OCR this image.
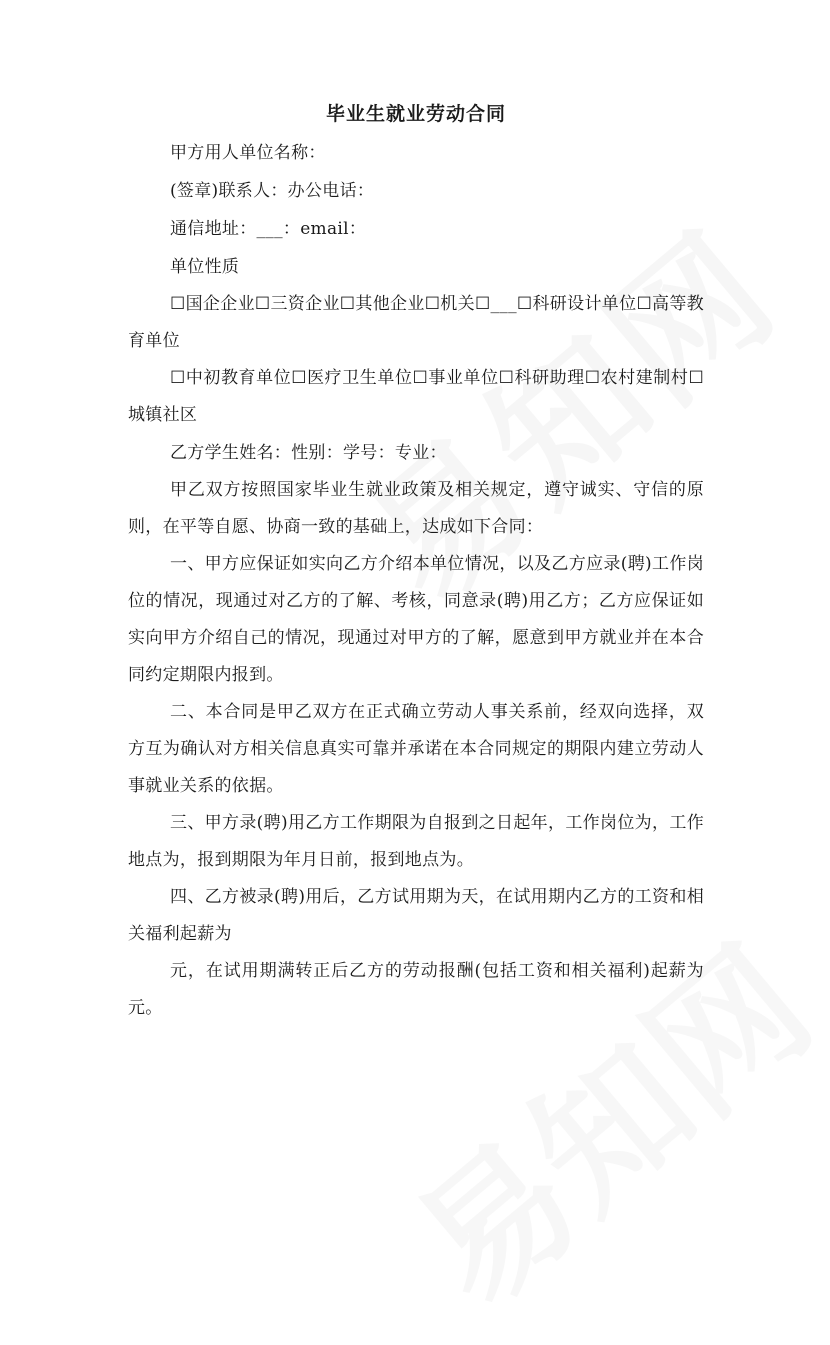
毕业生就业劳动合同

甲方用人单位名称：

(签章)联系人：办公电话：

通信地址：___：email：

单位性质

☐国企企业☐三资企业☐其他企业☐机关☐___☐科研设计单位☐高等教育单位

☐中初教育单位☐医疗卫生单位☐事业单位☐科研助理☐农村建制村☐城镇社区

乙方学生姓名：性别：学号：专业：

甲乙双方按照国家毕业生就业政策及相关规定，遵守诚实、守信的原则，在平等自愿、协商一致的基础上，达成如下合同：

一、甲方应保证如实向乙方介绍本单位情况，以及乙方应录(聘)工作岗位的情况，现通过对乙方的了解、考核，同意录(聘)用乙方；乙方应保证如实向甲方介绍自己的情况，现通过对甲方的了解，愿意到甲方就业并在本合同约定期限内报到。

二、本合同是甲乙双方在正式确立劳动人事关系前，经双向选择，双方互为确认对方相关信息真实可靠并承诺在本合同规定的期限内建立劳动人事就业关系的依据。

三、甲方录(聘)用乙方工作期限为自报到之日起年，工作岗位为，工作地点为，报到期限为年月日前，报到地点为。

四、乙方被录(聘)用后，乙方试用期为天，在试用期内乙方的工资和相关福利起薪为

元，在试用期满转正后乙方的劳动报酬(包括工资和相关福利)起薪为元。
